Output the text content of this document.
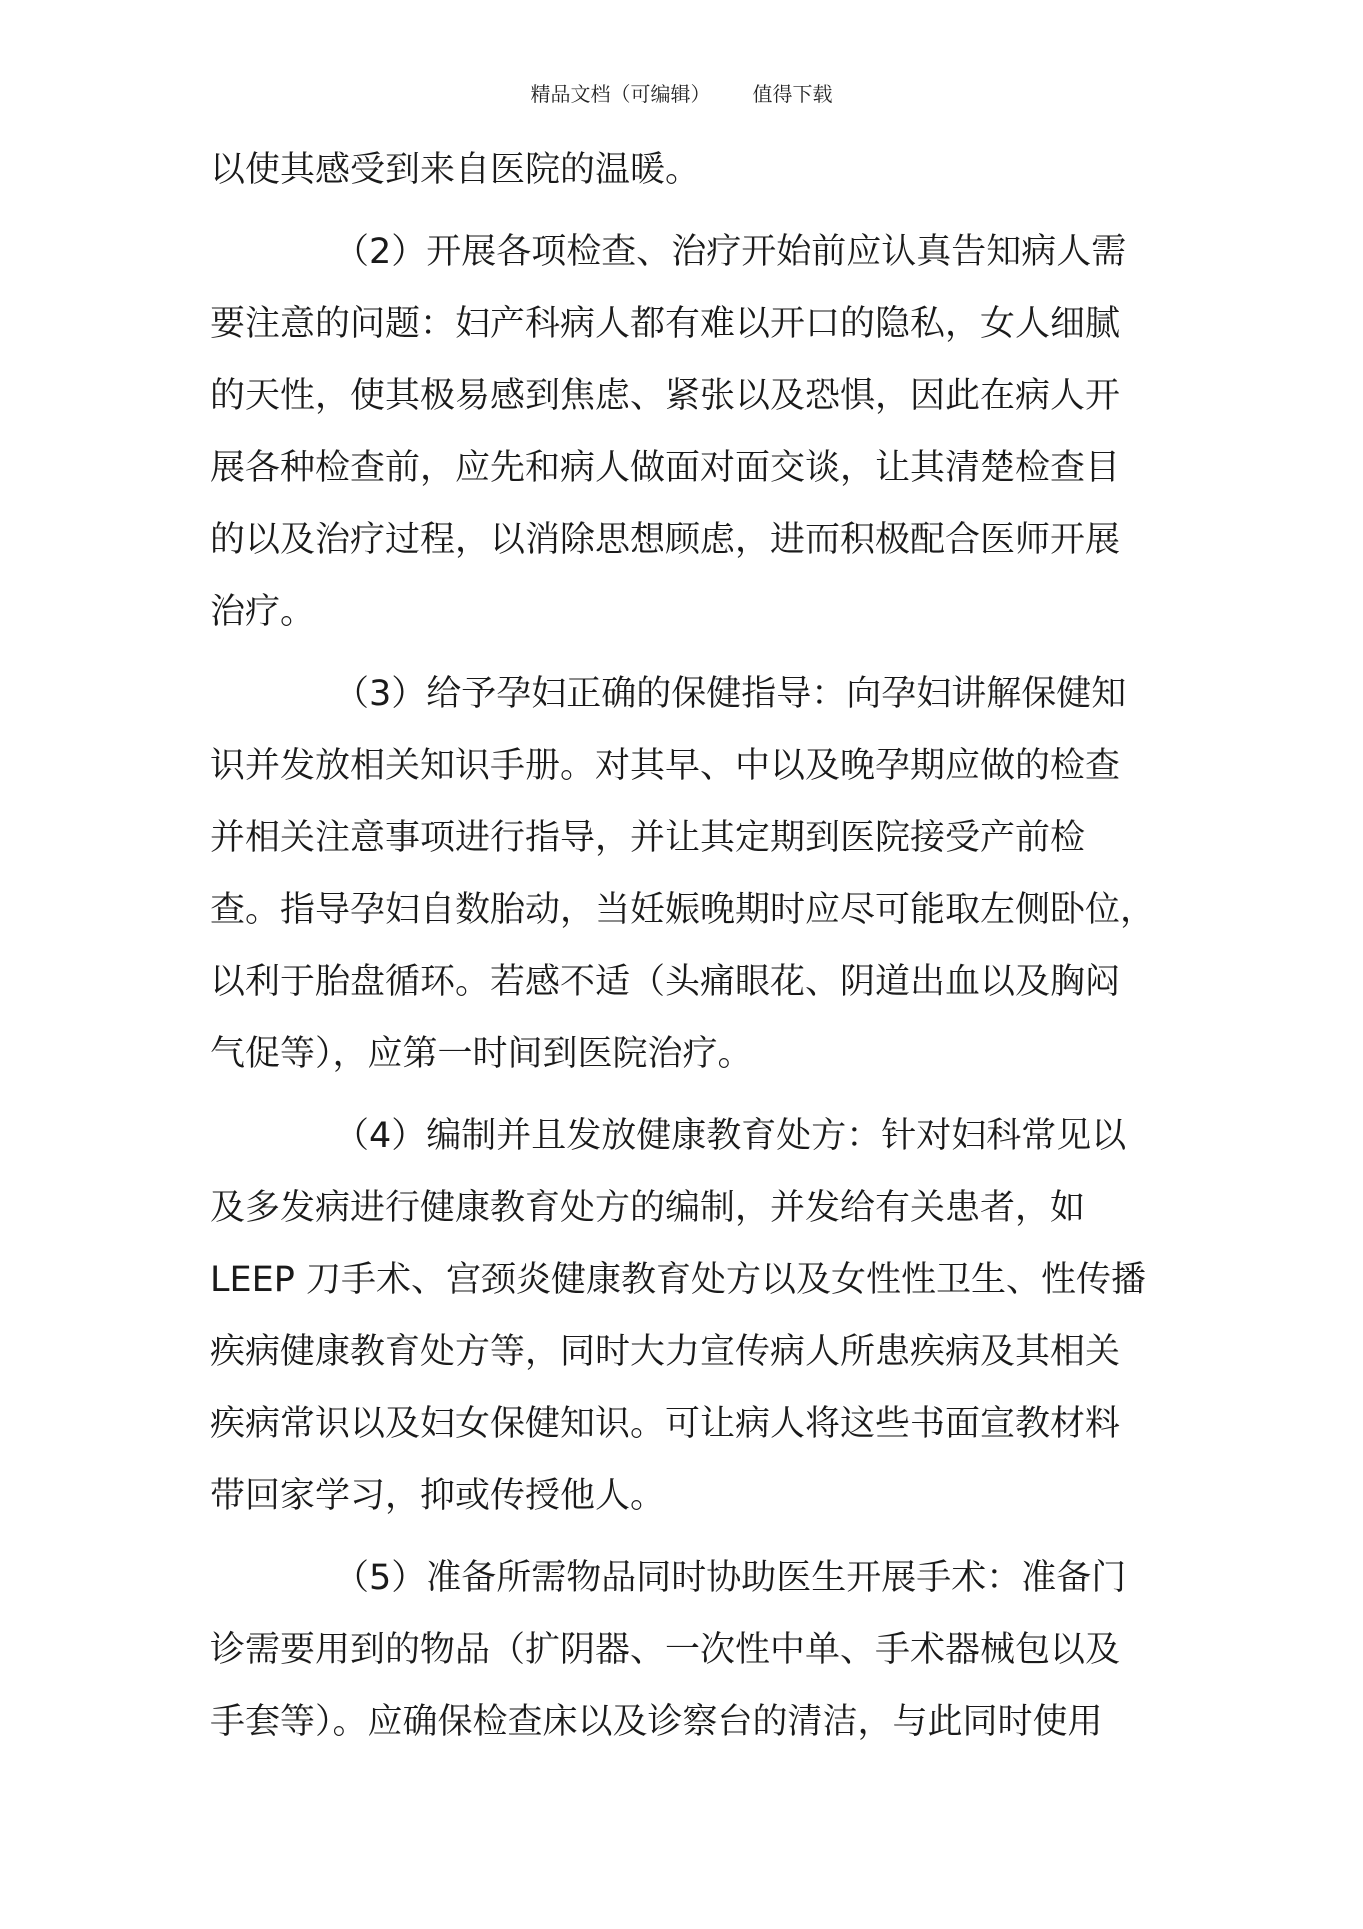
精品文档（可编辑） 值得下载
以使其感受到来自医院的温暖。
（2）开展各项检查、治疗开始前应认真告知病人需
要注意的问题：妇产科病人都有难以开口的隐私，女人细腻
的天性，使其极易感到焦虑、紧张以及恐惧，因此在病人开
展各种检查前，应先和病人做面对面交谈，让其清楚检查目
的以及治疗过程，以消除思想顾虑，进而积极配合医师开展
治疗。
（3）给予孕妇正确的保健指导：向孕妇讲解保健知
识并发放相关知识手册。对其早、中以及晚孕期应做的检查
并相关注意事项进行指导，并让其定期到医院接受产前检
查。指导孕妇自数胎动，当妊娠晚期时应尽可能取左侧卧位，
以利于胎盘循环。若感不适（头痛眼花、阴道出血以及胸闷
气促等），应第一时间到医院治疗。
（4）编制并且发放健康教育处方：针对妇科常见以
及多发病进行健康教育处方的编制，并发给有关患者，如
LEEP 刀手术、宫颈炎健康教育处方以及女性性卫生、性传播
疾病健康教育处方等，同时大力宣传病人所患疾病及其相关
疾病常识以及妇女保健知识。可让病人将这些书面宣教材料
带回家学习，抑或传授他人。
（5）准备所需物品同时协助医生开展手术：准备门
诊需要用到的物品（扩阴器、一次性中单、手术器械包以及
手套等）。应确保检查床以及诊察台的清洁，与此同时使用
